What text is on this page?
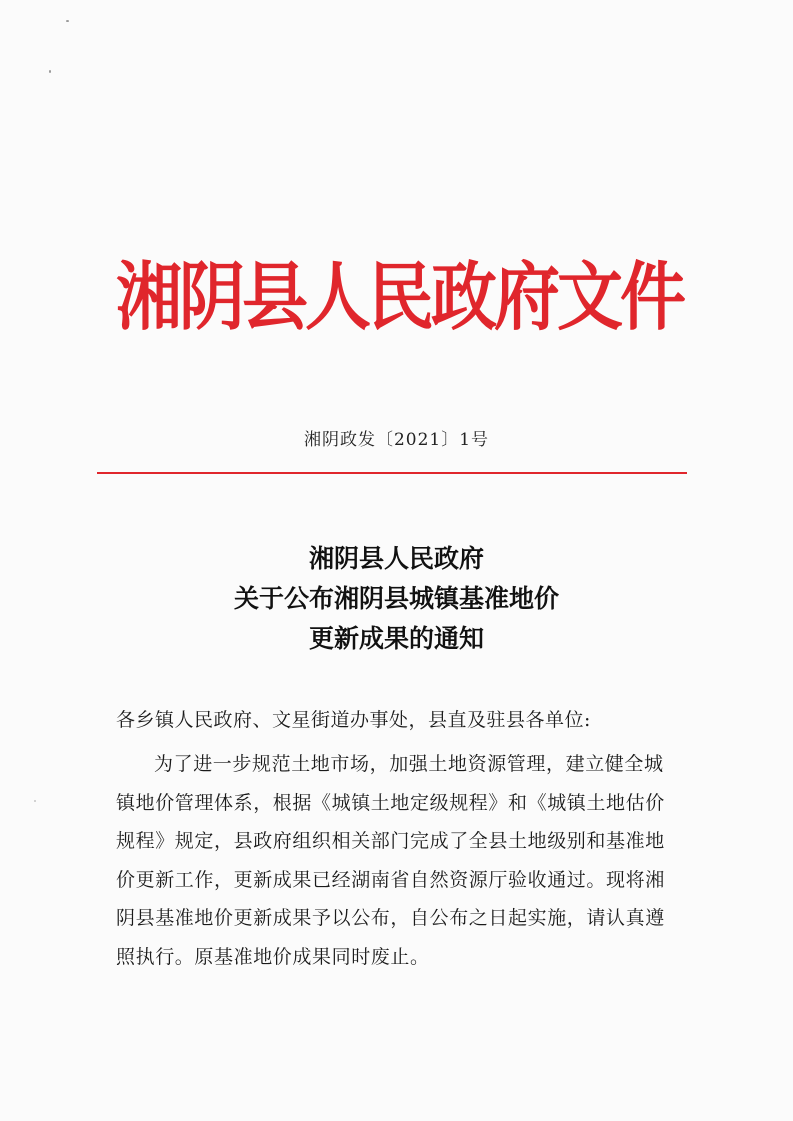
湘阴县人民政府文件
湘阴政发〔2021〕1号
湘阴县人民政府
关于公布湘阴县城镇基准地价
更新成果的通知
各乡镇人民政府、文星街道办事处，县直及驻县各单位:
为了进一步规范土地市场，加强土地资源管理，建立健全城
镇地价管理体系，根据《城镇土地定级规程》和《城镇土地估价
规程》规定，县政府组织相关部门完成了全县土地级别和基准地
价更新工作，更新成果已经湖南省自然资源厅验收通过。现将湘
阴县基准地价更新成果予以公布，自公布之日起实施，请认真遵
照执行。原基准地价成果同时废止。
